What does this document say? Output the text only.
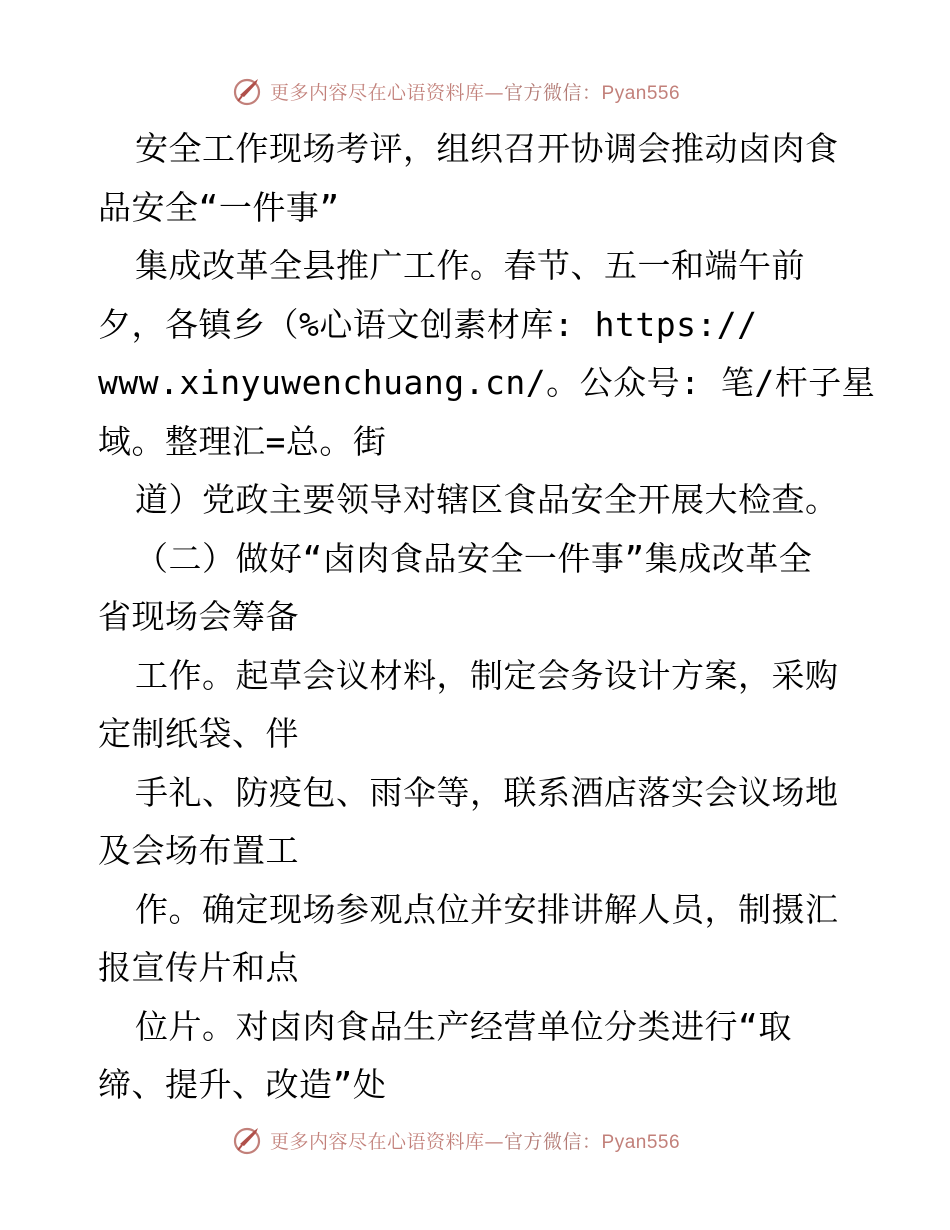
更多内容尽在心语资料库—官方微信：Pyan556
安全工作现场考评，组织召开协调会推动卤肉食
品安全“一件事”
集成改革全县推广工作。春节、五一和端午前
夕，各镇乡（%心语文创素材库: https://
www.xinyuwenchuang.cn/。公众号: 笔/杆子星
域。整理汇=总。街
道）党政主要领导对辖区食品安全开展大检查。
（二）做好“卤肉食品安全一件事”集成改革全
省现场会筹备
工作。起草会议材料，制定会务设计方案，采购
定制纸袋、伴
手礼、防疫包、雨伞等，联系酒店落实会议场地
及会场布置工
作。确定现场参观点位并安排讲解人员，制摄汇
报宣传片和点
位片。对卤肉食品生产经营单位分类进行“取
缔、提升、改造”处
更多内容尽在心语资料库—官方微信：Pyan556
